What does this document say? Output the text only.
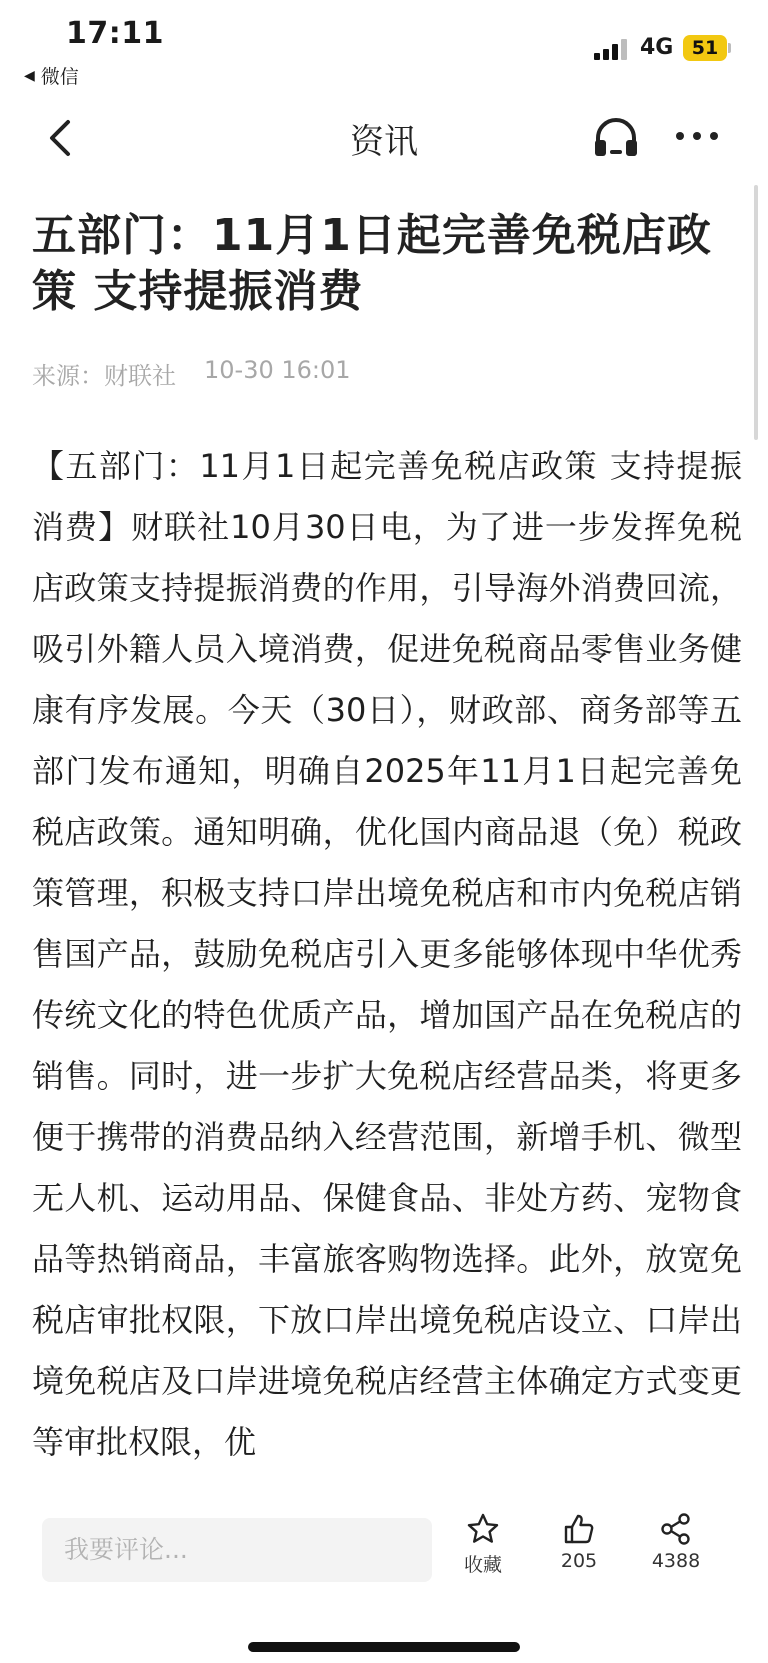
17:11
◀ 微信
4G 51
资讯
五部门：11月1日起完善免税店政策 支持提振消费
来源：财联社 10-30 16:01

【五部门：11月1日起完善免税店政策 支持提振消费】财联社10月30日电，为了进一步发挥免税店政策支持提振消费的作用，引导海外消费回流，吸引外籍人员入境消费，促进免税商品零售业务健康有序发展。今天（30日），财政部、商务部等五部门发布通知，明确自2025年11月1日起完善免税店政策。通知明确，优化国内商品退（免）税政策管理，积极支持口岸出境免税店和市内免税店销售国产品，鼓励免税店引入更多能够体现中华优秀传统文化的特色优质产品，增加国产品在免税店的销售。同时，进一步扩大免税店经营品类，将更多便于携带的消费品纳入经营范围，新增手机、微型无人机、运动用品、保健食品、非处方药、宠物食品等热销商品，丰富旅客购物选择。此外，放宽免税店审批权限，下放口岸出境免税店设立、口岸出境免税店及口岸进境免税店经营主体确定方式变更等审批权限，优

我要评论...
收藏	205	4388
